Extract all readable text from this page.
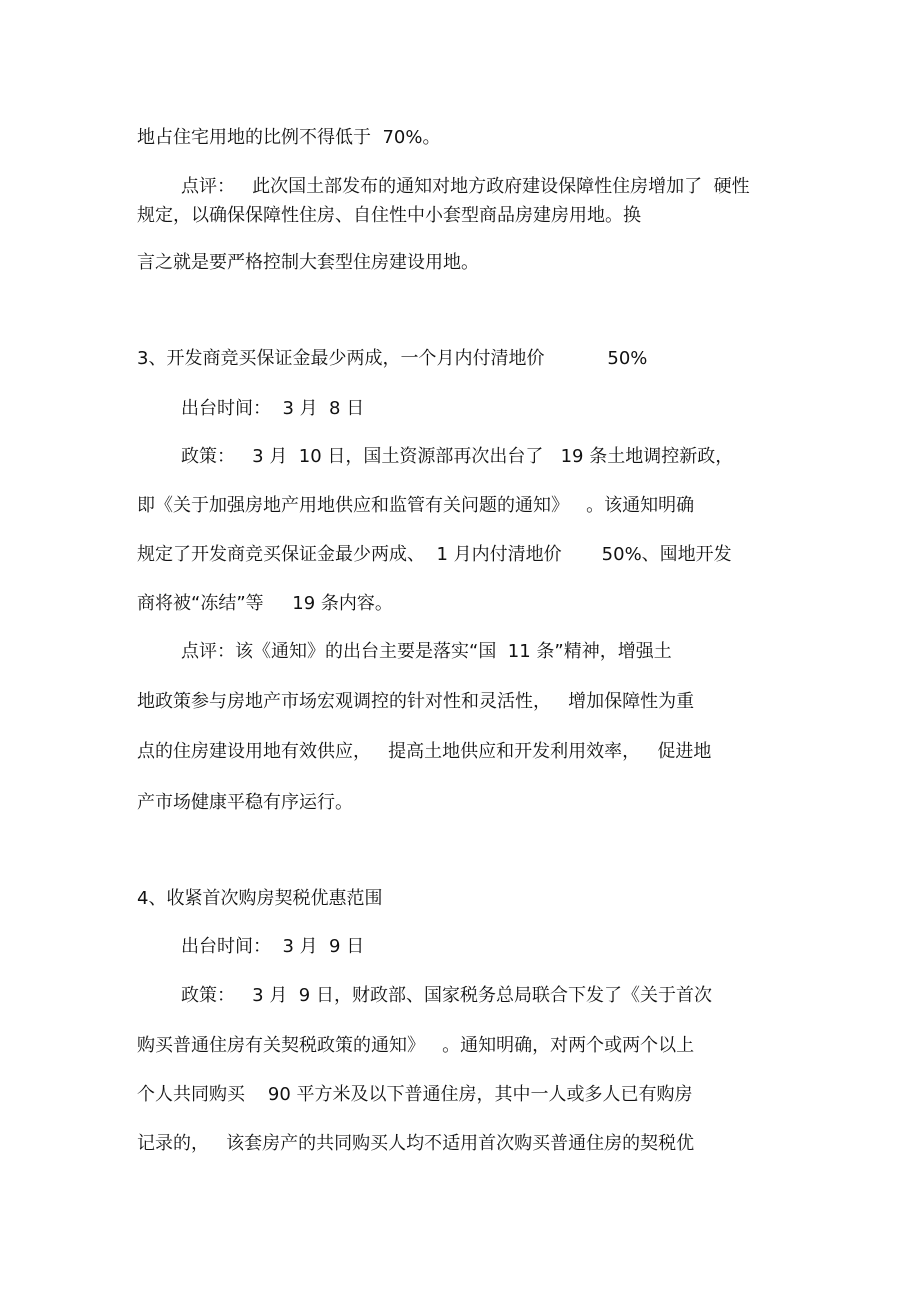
地占住宅用地的比例不得低于  70%。
点评：   此次国土部发布的通知对地方政府建设保障性住房增加了  硬性
规定，以确保保障性住房、自住性中小套型商品房建房用地。换
言之就是要严格控制大套型住房建设用地。
3、开发商竞买保证金最少两成，一个月内付清地价           50%
出台时间：  3 月  8 日
政策：   3 月  10 日，国土资源部再次出台了   19 条土地调控新政，
即《关于加强房地产用地供应和监管有关问题的通知》   。该通知明确
规定了开发商竞买保证金最少两成、  1 月内付清地价       50%、囤地开发
商将被“冻结”等     19 条内容。
点评：该《通知》的出台主要是落实“国  11 条”精神，增强土
地政策参与房地产市场宏观调控的针对性和灵活性，   增加保障性为重
点的住房建设用地有效供应，   提高土地供应和开发利用效率，   促进地
产市场健康平稳有序运行。
4、收紧首次购房契税优惠范围
出台时间：  3 月  9 日
政策：   3 月  9 日，财政部、国家税务总局联合下发了《关于首次
购买普通住房有关契税政策的通知》   。通知明确，对两个或两个以上
个人共同购买    90 平方米及以下普通住房，其中一人或多人已有购房
记录的，   该套房产的共同购买人均不适用首次购买普通住房的契税优
